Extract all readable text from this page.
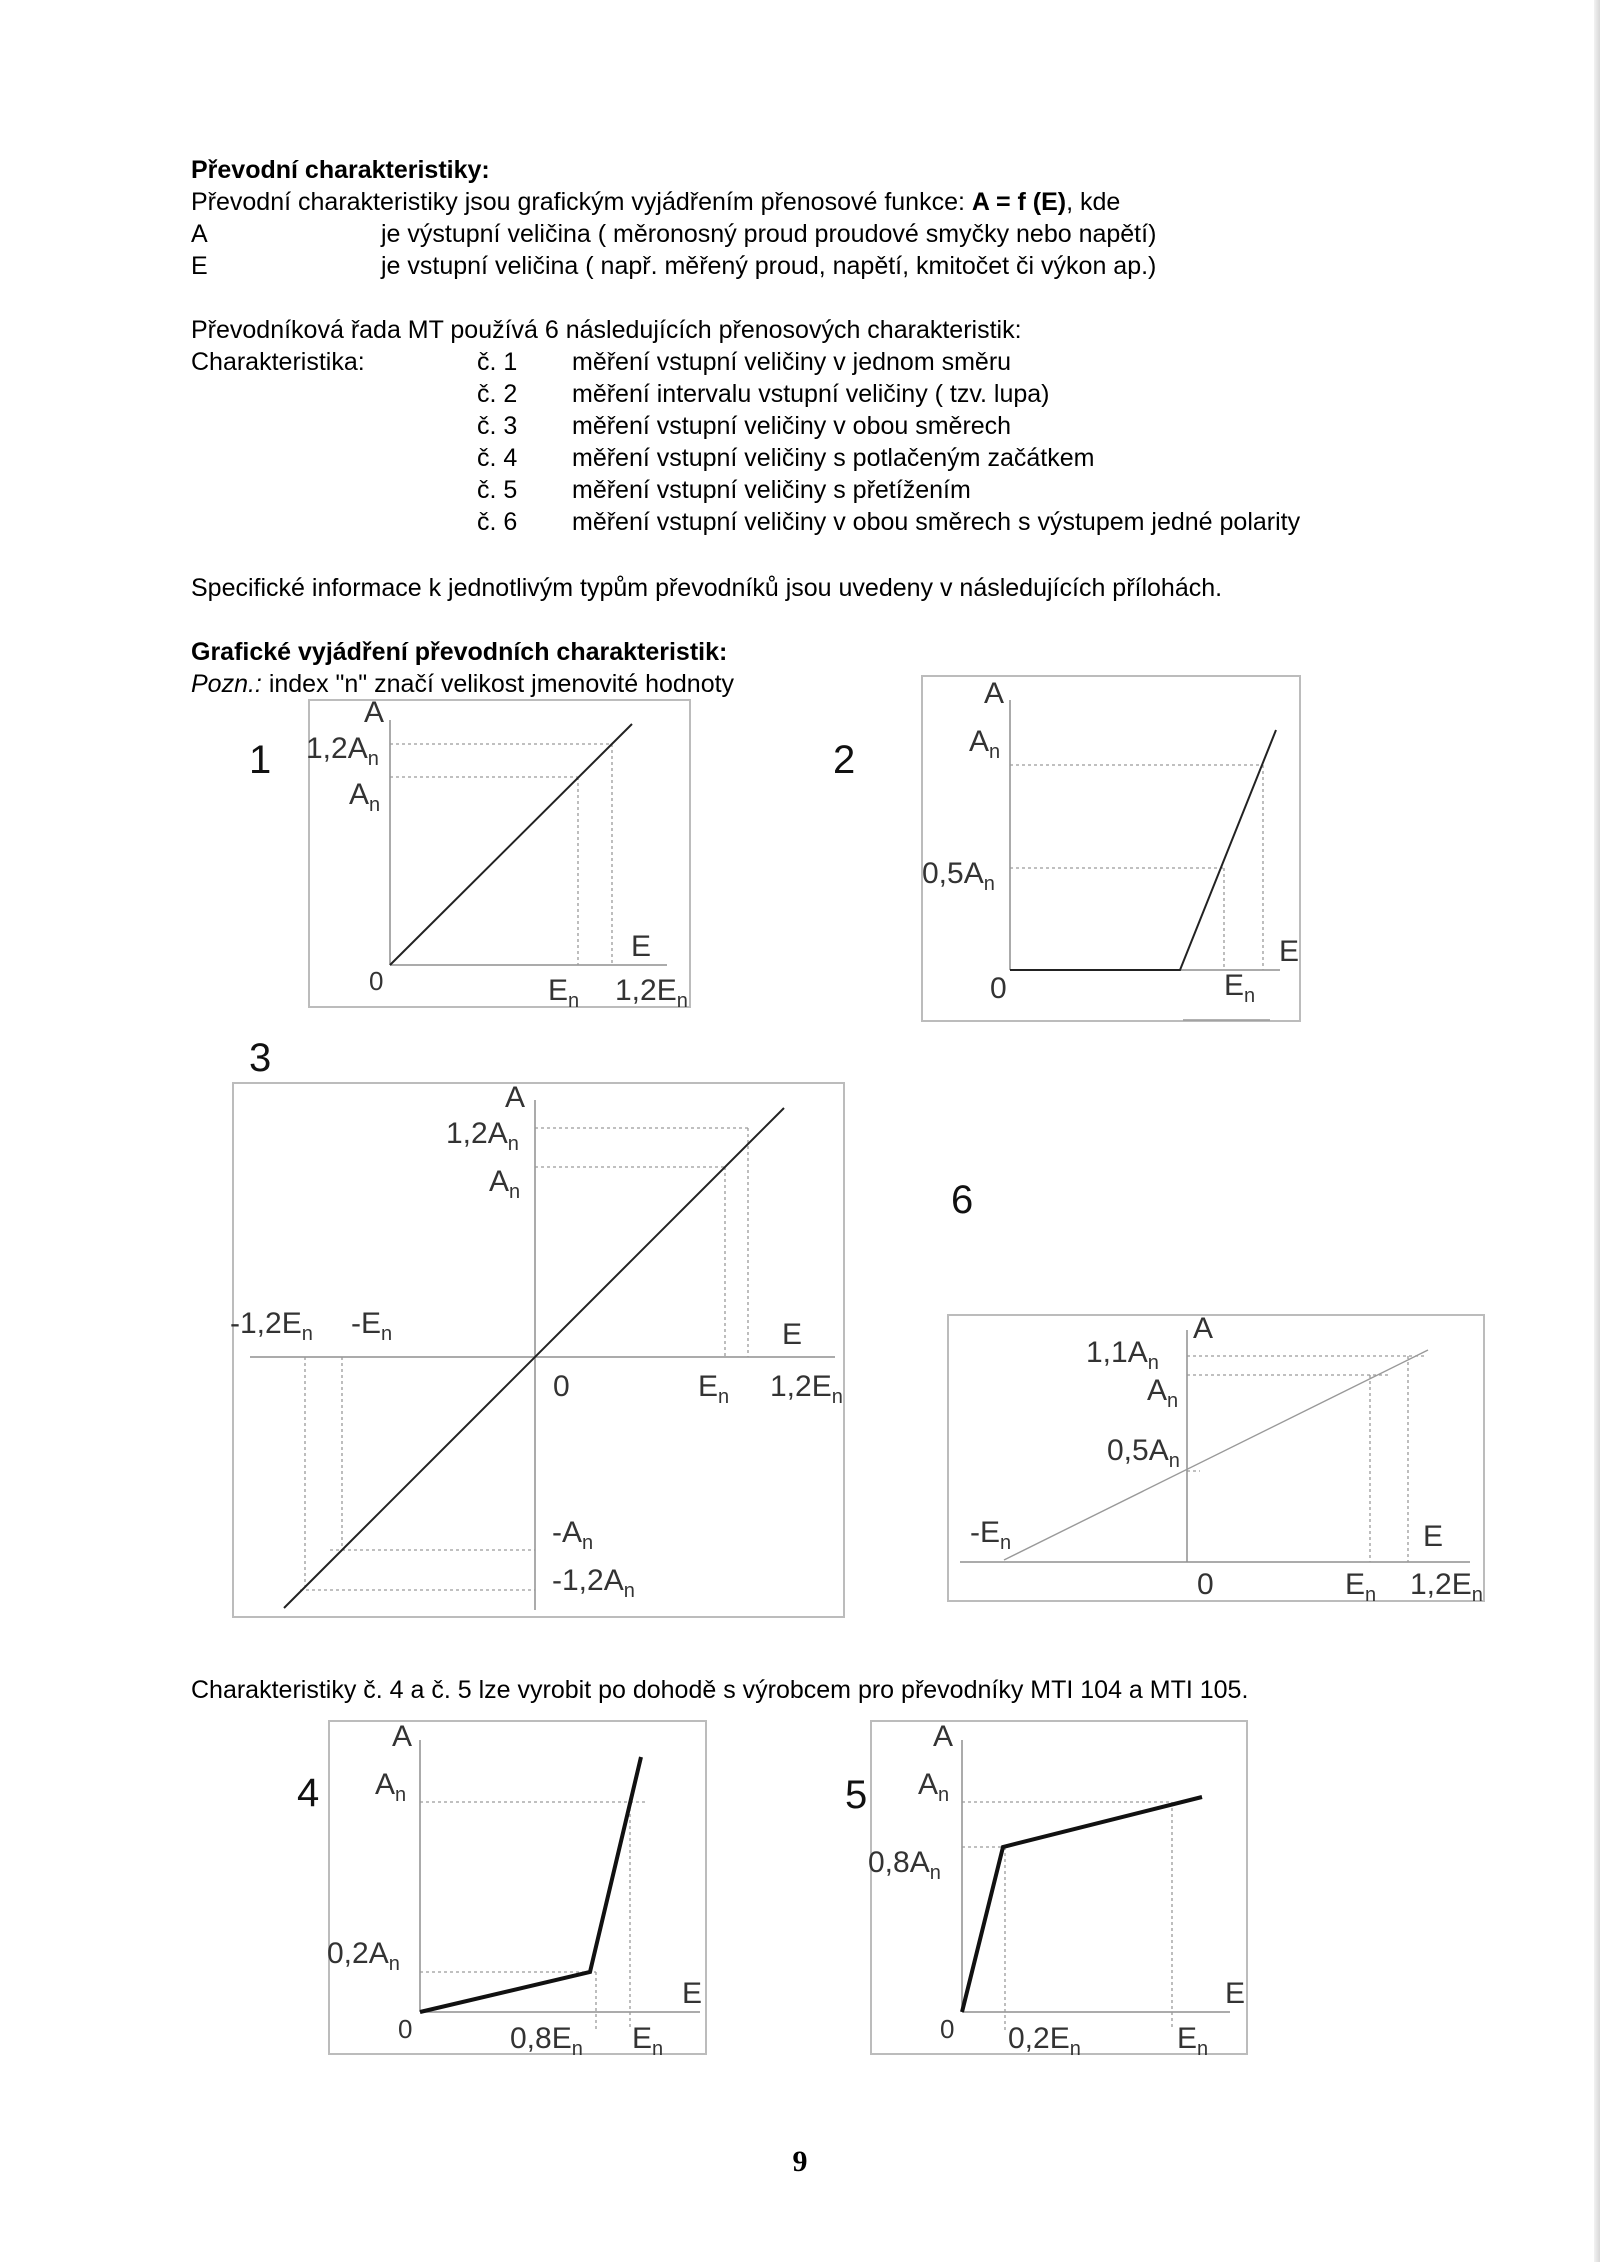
Převodní charakteristiky:
Převodní charakteristiky jsou grafickým vyjádřením přenosové funkce: A = f (E), kde
A	je výstupní veličina ( měronosný proud proudové smyčky nebo napětí)
E	je vstupní veličina ( např. měřený proud, napětí, kmitočet či výkon ap.)
Převodníková řada MT používá 6 následujících přenosových charakteristik:
Charakteristika:	č. 1 měření vstupní veličiny v jednom směru
č. 2 měření intervalu vstupní veličiny ( tzv. lupa)
č. 3 měření vstupní veličiny v obou směrech
č. 4 měření vstupní veličiny s potlačeným začátkem
č. 5 měření vstupní veličiny s přetížením
č. 6 měření vstupní veličiny v obou směrech s výstupem jedné polarity
Specifické informace k jednotlivým typům převodníků jsou uvedeny v následujících přílohách.
Grafické vyjádření převodních charakteristik:
Pozn.: index "n" značí velikost jmenovité hodnoty
Charakteristiky č. 4 a č. 5 lze vyrobit po dohodě s výrobcem pro převodníky MTI 104 a MTI 105.
1
A
$1,2A_n$
$A_n$
E
0	$E_n$ $1,2E_n$
2
A
$A_n$
$0,5A_n$
E
0	$E_n$
3
A
$1,2A_n$
$A_n$
$-1,2E_n$ $-E_n$	E
0	$E_n$ $1,2E_n$
$-A_n$
$-1,2A_n$
6
A
$1,1A_n$
$A_n$
$0,5A_n$
$-E_n$	E
0	$E_n$ $1,2E_n$
4
A
$A_n$
$0,2A_n$
E
0	$0,8E_n$ $E_n$
5
A
$A_n$
$0,8A_n$
E
0 $0,2E_n$	$E_n$
9
